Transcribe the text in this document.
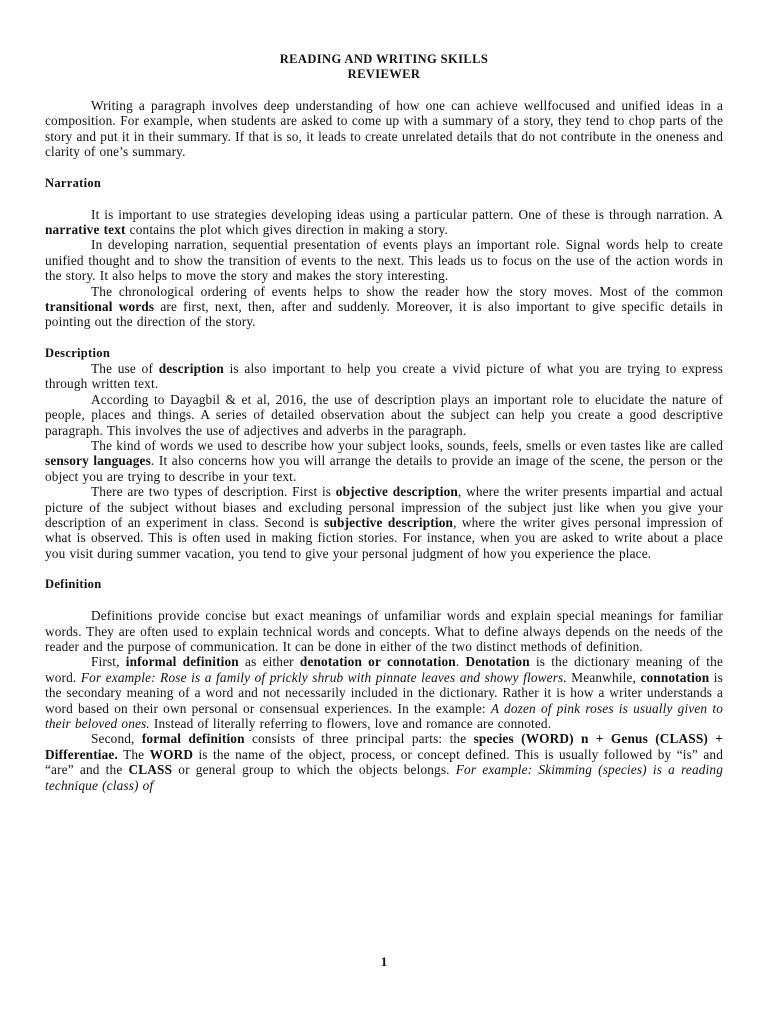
READING AND WRITING SKILLS

REVIEWER

Writing a paragraph involves deep understanding of how one can achieve wellfocused and unified ideas in a composition. For example, when students are asked to come up with a summary of a story, they tend to chop parts of the story and put it in their summary. If that is so, it leads to create unrelated details that do not contribute in the oneness and clarity of one’s summary.

Narration

It is important to use strategies developing ideas using a particular pattern. One of these is through narration. A narrative text contains the plot which gives direction in making a story.

In developing narration, sequential presentation of events plays an important role. Signal words help to create unified thought and to show the transition of events to the next. This leads us to focus on the use of the action words in the story. It also helps to move the story and makes the story interesting.

The chronological ordering of events helps to show the reader how the story moves. Most of the common transitional words are first, next, then, after and suddenly. Moreover, it is also important to give specific details in pointing out the direction of the story.

Description

The use of description is also important to help you create a vivid picture of what you are trying to express through written text.

According to Dayagbil & et al, 2016, the use of description plays an important role to elucidate the nature of people, places and things. A series of detailed observation about the subject can help you create a good descriptive paragraph. This involves the use of adjectives and adverbs in the paragraph.

The kind of words we used to describe how your subject looks, sounds, feels, smells or even tastes like are called sensory languages. It also concerns how you will arrange the details to provide an image of the scene, the person or the object you are trying to describe in your text.

There are two types of description. First is objective description, where the writer presents impartial and actual picture of the subject without biases and excluding personal impression of the subject just like when you give your description of an experiment in class. Second is subjective description, where the writer gives personal impression of what is observed. This is often used in making fiction stories. For instance, when you are asked to write about a place you visit during summer vacation, you tend to give your personal judgment of how you experience the place.

Definition

Definitions provide concise but exact meanings of unfamiliar words and explain special meanings for familiar words. They are often used to explain technical words and concepts. What to define always depends on the needs of the reader and the purpose of communication. It can be done in either of the two distinct methods of definition.

First, informal definition as either denotation or connotation. Denotation is the dictionary meaning of the word. For example: Rose is a family of prickly shrub with pinnate leaves and showy flowers. Meanwhile, connotation is the secondary meaning of a word and not necessarily included in the dictionary. Rather it is how a writer understands a word based on their own personal or consensual experiences. In the example: A dozen of pink roses is usually given to their beloved ones. Instead of literally referring to flowers, love and romance are connoted.

Second, formal definition consists of three principal parts: the species (WORD) n + Genus (CLASS) + Differentiae. The WORD is the name of the object, process, or concept defined. This is usually followed by “is” and “are” and the CLASS or general group to which the objects belongs. For example: Skimming (species) is a reading technique (class) of

1
